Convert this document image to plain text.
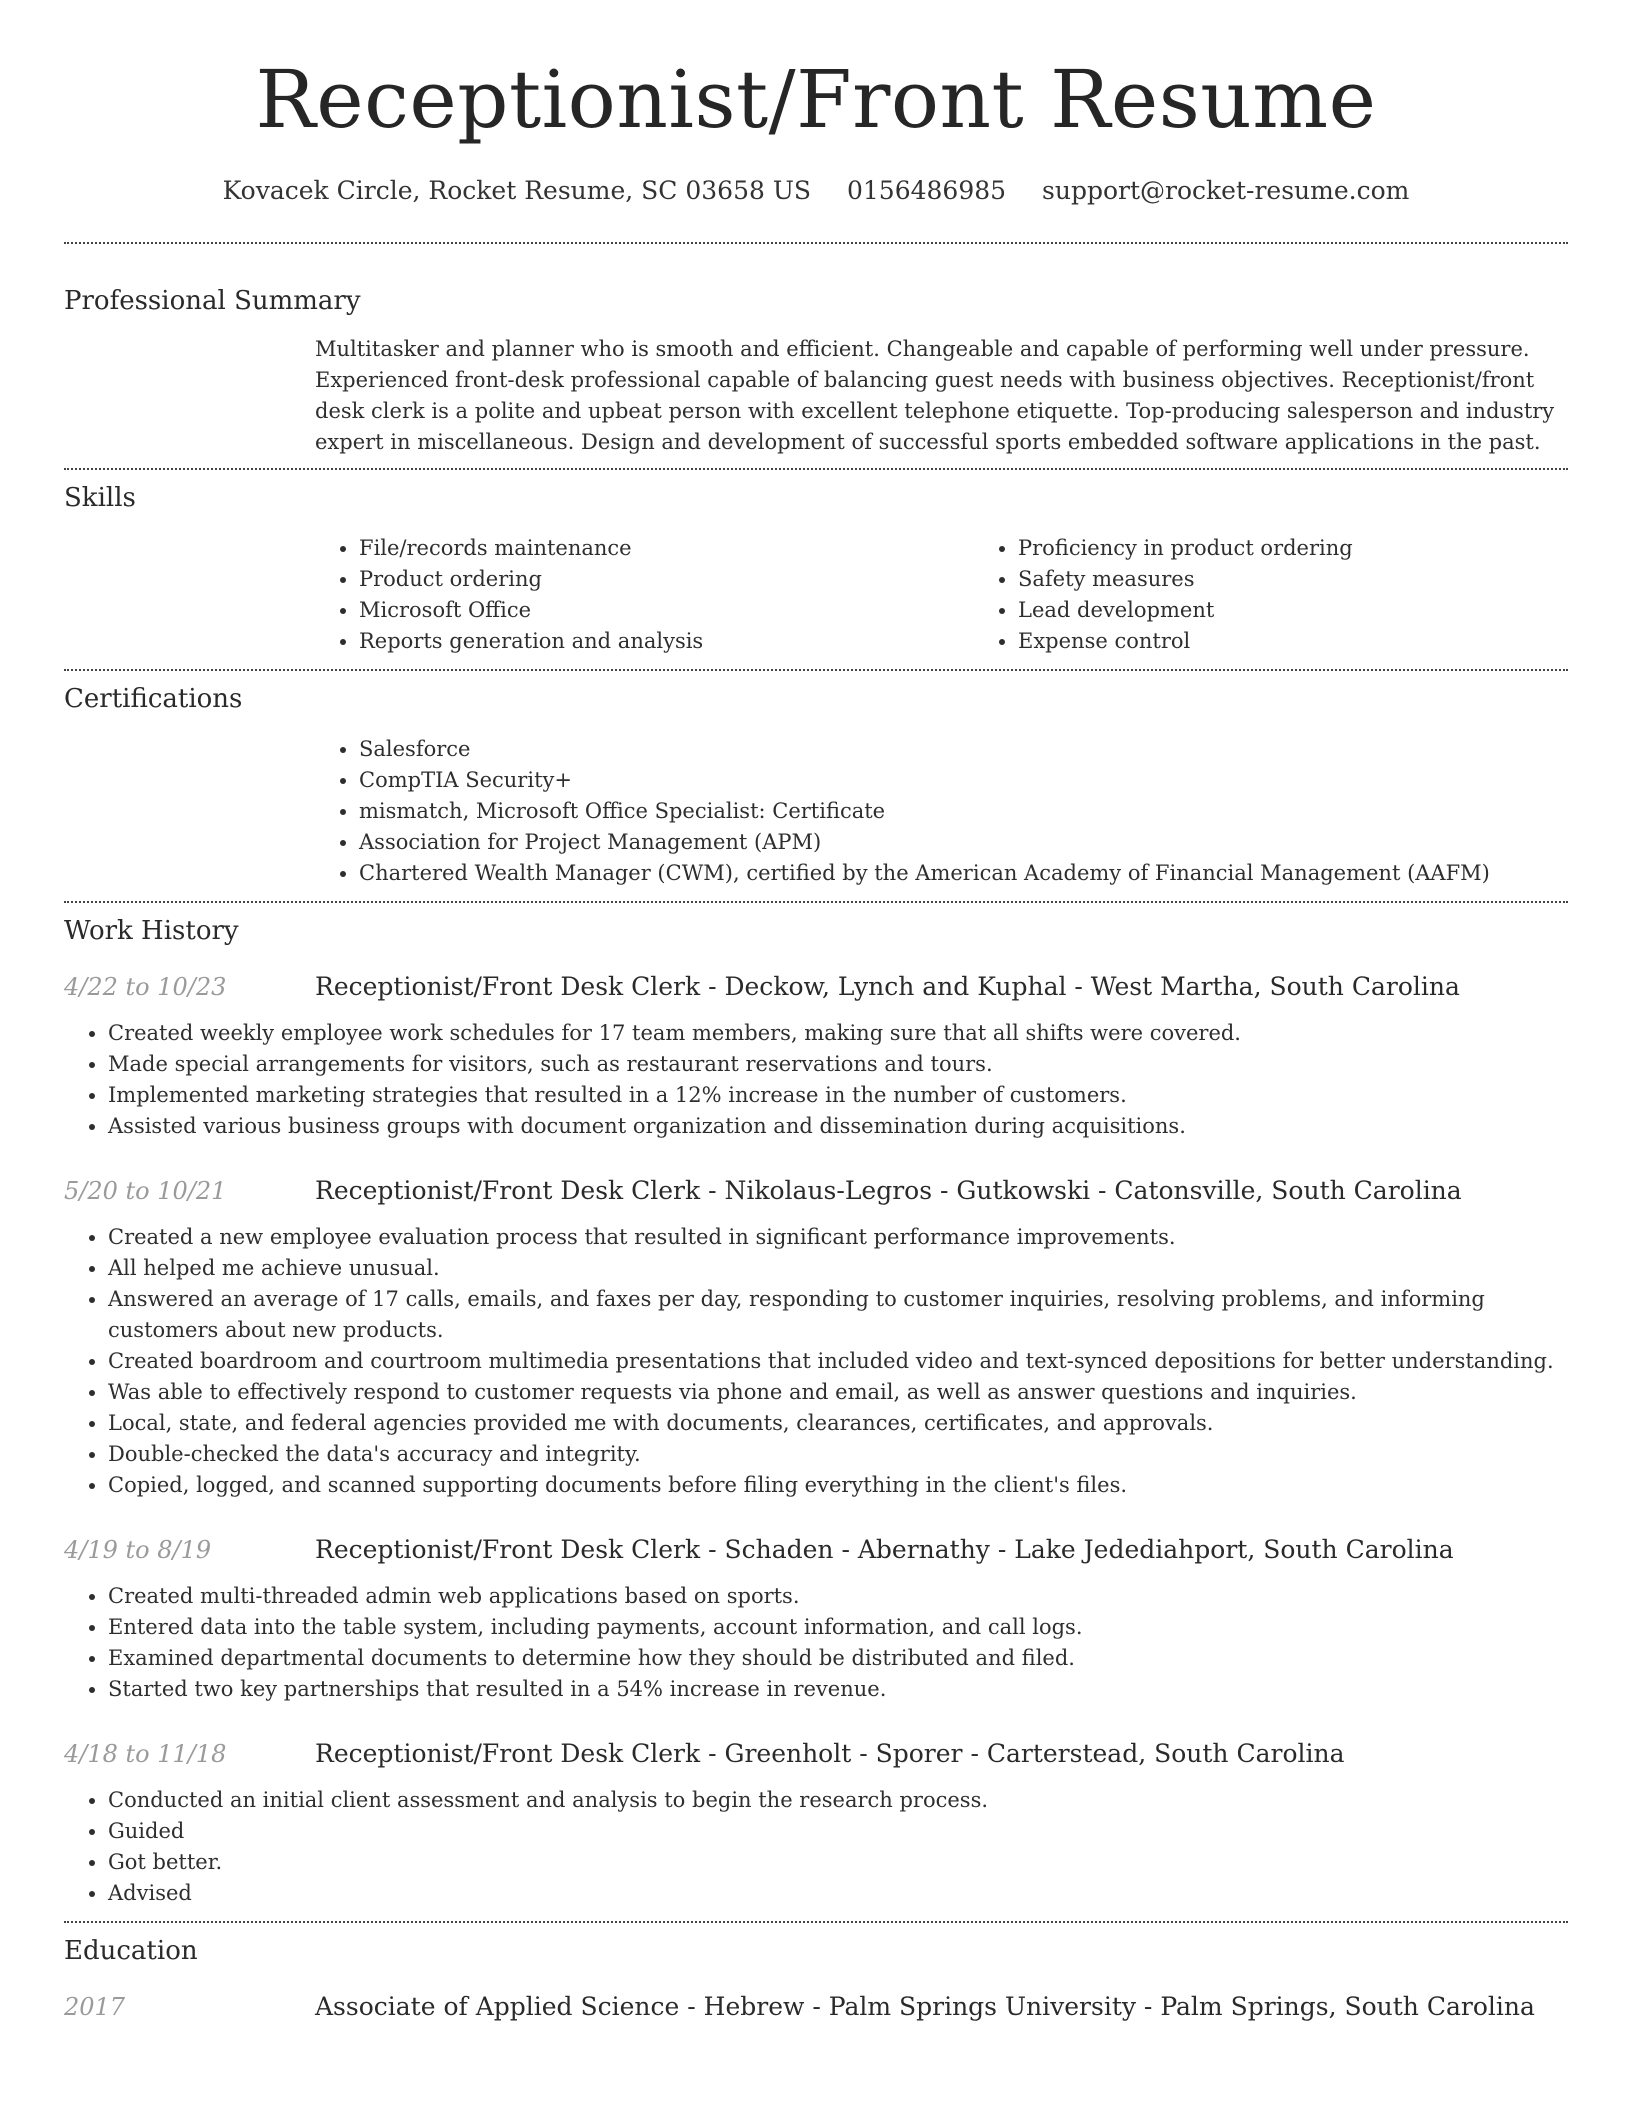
Receptionist/Front Resume
Kovacek Circle, Rocket Resume, SC 03658 US 0156486985 support@rocket-resume.com
Professional Summary
Multitasker and planner who is smooth and efficient. Changeable and capable of performing well under pressure. Experienced front-desk professional capable of balancing guest needs with business objectives. Receptionist/front desk clerk is a polite and upbeat person with excellent telephone etiquette. Top-producing salesperson and industry expert in miscellaneous. Design and development of successful sports embedded software applications in the past.
Skills
• File/records maintenance
• Product ordering
• Microsoft Office
• Reports generation and analysis
• Proficiency in product ordering
• Safety measures
• Lead development
• Expense control
Certifications
• Salesforce
• CompTIA Security+
• mismatch, Microsoft Office Specialist: Certificate
• Association for Project Management (APM)
• Chartered Wealth Manager (CWM), certified by the American Academy of Financial Management (AAFM)
Work History
4/22 to 10/23	Receptionist/Front Desk Clerk - Deckow, Lynch and Kuphal - West Martha, South Carolina
• Created weekly employee work schedules for 17 team members, making sure that all shifts were covered.
• Made special arrangements for visitors, such as restaurant reservations and tours.
• Implemented marketing strategies that resulted in a 12% increase in the number of customers.
• Assisted various business groups with document organization and dissemination during acquisitions.
5/20 to 10/21	Receptionist/Front Desk Clerk - Nikolaus-Legros - Gutkowski - Catonsville, South Carolina
• Created a new employee evaluation process that resulted in significant performance improvements.
• All helped me achieve unusual.
• Answered an average of 17 calls, emails, and faxes per day, responding to customer inquiries, resolving problems, and informing customers about new products.
• Created boardroom and courtroom multimedia presentations that included video and text-synced depositions for better understanding.
• Was able to effectively respond to customer requests via phone and email, as well as answer questions and inquiries.
• Local, state, and federal agencies provided me with documents, clearances, certificates, and approvals.
• Double-checked the data's accuracy and integrity.
• Copied, logged, and scanned supporting documents before filing everything in the client's files.
4/19 to 8/19	Receptionist/Front Desk Clerk - Schaden - Abernathy - Lake Jedediahport, South Carolina
• Created multi-threaded admin web applications based on sports.
• Entered data into the table system, including payments, account information, and call logs.
• Examined departmental documents to determine how they should be distributed and filed.
• Started two key partnerships that resulted in a 54% increase in revenue.
4/18 to 11/18	Receptionist/Front Desk Clerk - Greenholt - Sporer - Carterstead, South Carolina
• Conducted an initial client assessment and analysis to begin the research process.
• Guided
• Got better.
• Advised
Education
2017	Associate of Applied Science - Hebrew - Palm Springs University - Palm Springs, South Carolina
